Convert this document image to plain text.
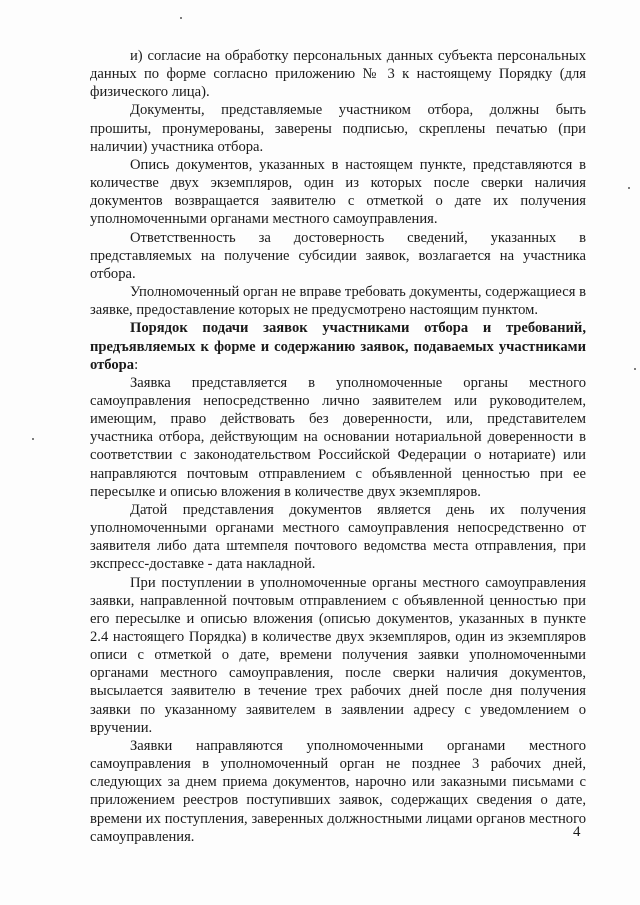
и) согласие на обработку персональных данных субъекта персональных данных по форме согласно приложению № 3 к настоящему Порядку (для физического лица).

Документы, представляемые участником отбора, должны быть прошиты, пронумерованы, заверены подписью, скреплены печатью (при наличии) участника отбора.

Опись документов, указанных в настоящем пункте, представляются в количестве двух экземпляров, один из которых после сверки наличия документов возвращается заявителю с отметкой о дате их получения уполномоченными органами местного самоуправления.

Ответственность за достоверность сведений, указанных в представляемых на получение субсидии заявок, возлагается на участника отбора.

Уполномоченный орган не вправе требовать документы, содержащиеся в заявке, предоставление которых не предусмотрено настоящим пунктом.

Порядок подачи заявок участниками отбора и требований, предъявляемых к форме и содержанию заявок, подаваемых участниками отбора:

Заявка представляется в уполномоченные органы местного самоуправления непосредственно лично заявителем или руководителем, имеющим, право действовать без доверенности, или, представителем участника отбора, действующим на основании нотариальной доверенности в соответствии с законодательством Российской Федерации о нотариате) или направляются почтовым отправлением с объявленной ценностью при ее пересылке и описью вложения в количестве двух экземпляров.

Датой представления документов является день их получения уполномоченными органами местного самоуправления непосредственно от заявителя либо дата штемпеля почтового ведомства места отправления, при экспресс-доставке - дата накладной.

При поступлении в уполномоченные органы местного самоуправления заявки, направленной почтовым отправлением с объявленной ценностью при его пересылке и описью вложения (описью документов, указанных в пункте 2.4 настоящего Порядка) в количестве двух экземпляров, один из экземпляров описи с отметкой о дате, времени получения заявки уполномоченными органами местного самоуправления, после сверки наличия документов, высылается заявителю в течение трех рабочих дней после дня получения заявки по указанному заявителем в заявлении адресу с уведомлением о вручении.

Заявки направляются уполномоченными органами местного самоуправления в уполномоченный орган не позднее 3 рабочих дней, следующих за днем приема документов, нарочно или заказными письмами с приложением реестров поступивших заявок, содержащих сведения о дате, времени их поступления, заверенных должностными лицами органов местного самоуправления.	4
